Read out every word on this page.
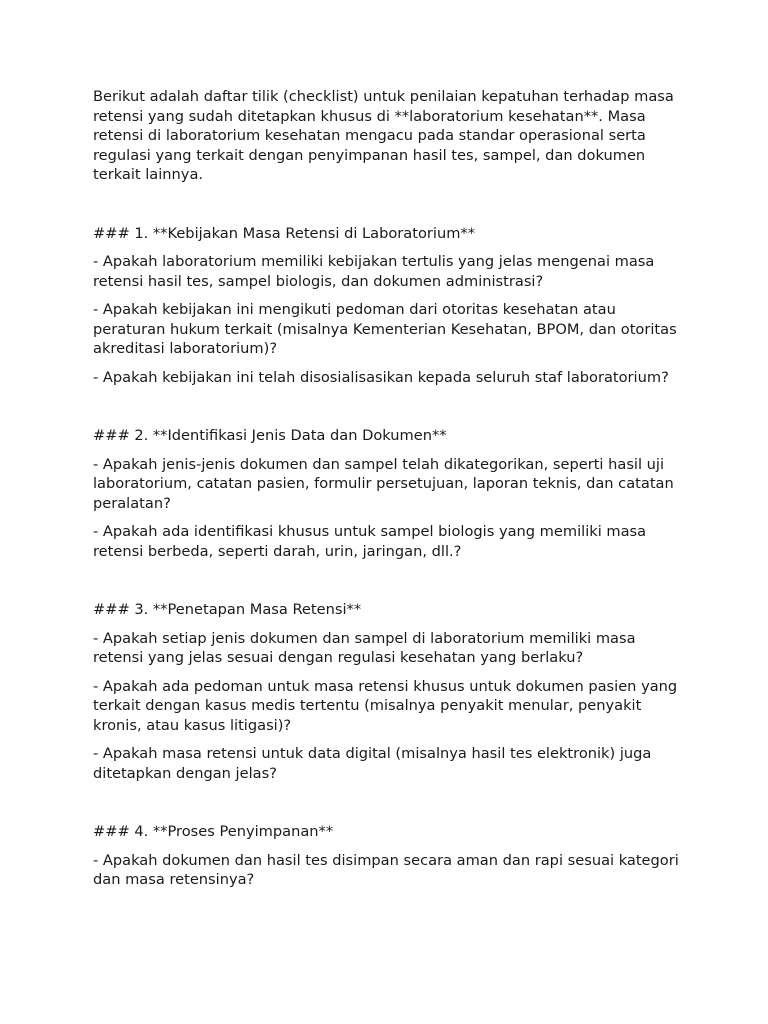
Berikut adalah daftar tilik (checklist) untuk penilaian kepatuhan terhadap masa retensi yang sudah ditetapkan khusus di **laboratorium kesehatan**. Masa retensi di laboratorium kesehatan mengacu pada standar operasional serta regulasi yang terkait dengan penyimpanan hasil tes, sampel, dan dokumen terkait lainnya.

### 1. **Kebijakan Masa Retensi di Laboratorium**

- Apakah laboratorium memiliki kebijakan tertulis yang jelas mengenai masa retensi hasil tes, sampel biologis, dan dokumen administrasi?

- Apakah kebijakan ini mengikuti pedoman dari otoritas kesehatan atau peraturan hukum terkait (misalnya Kementerian Kesehatan, BPOM, dan otoritas akreditasi laboratorium)?

- Apakah kebijakan ini telah disosialisasikan kepada seluruh staf laboratorium?

### 2. **Identifikasi Jenis Data dan Dokumen**

- Apakah jenis-jenis dokumen dan sampel telah dikategorikan, seperti hasil uji laboratorium, catatan pasien, formulir persetujuan, laporan teknis, dan catatan peralatan?

- Apakah ada identifikasi khusus untuk sampel biologis yang memiliki masa retensi berbeda, seperti darah, urin, jaringan, dll.?

### 3. **Penetapan Masa Retensi**

- Apakah setiap jenis dokumen dan sampel di laboratorium memiliki masa retensi yang jelas sesuai dengan regulasi kesehatan yang berlaku?

- Apakah ada pedoman untuk masa retensi khusus untuk dokumen pasien yang terkait dengan kasus medis tertentu (misalnya penyakit menular, penyakit kronis, atau kasus litigasi)?

- Apakah masa retensi untuk data digital (misalnya hasil tes elektronik) juga ditetapkan dengan jelas?

### 4. **Proses Penyimpanan**

- Apakah dokumen dan hasil tes disimpan secara aman dan rapi sesuai kategori dan masa retensinya?
